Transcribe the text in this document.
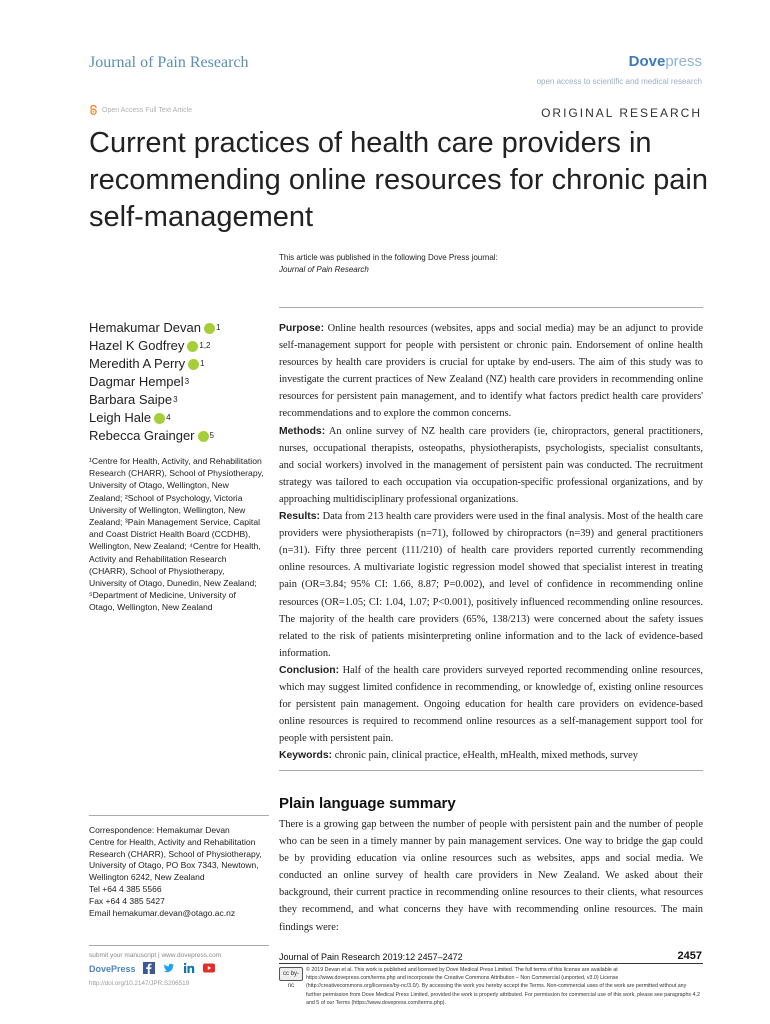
Journal of Pain Research	Dovepress
open access to scientific and medical research
Open Access Full Text Article	ORIGINAL RESEARCH
Current practices of health care providers in recommending online resources for chronic pain self-management
This article was published in the following Dove Press journal:
Journal of Pain Research
Hemakumar Devan 1
Hazel K Godfrey 1,2
Meredith A Perry 1
Dagmar Hempel 3
Barbara Saipe 3
Leigh Hale 4
Rebecca Grainger 5
¹Centre for Health, Activity, and Rehabilitation Research (CHARR), School of Physiotherapy, University of Otago, Wellington, New Zealand; ²School of Psychology, Victoria University of Wellington, Wellington, New Zealand; ³Pain Management Service, Capital and Coast District Health Board (CCDHB), Wellington, New Zealand; ⁴Centre for Health, Activity and Rehabilitation Research (CHARR), School of Physiotherapy, University of Otago, Dunedin, New Zealand; ⁵Department of Medicine, University of Otago, Wellington, New Zealand
Purpose: Online health resources (websites, apps and social media) may be an adjunct to provide self-management support for people with persistent or chronic pain. Endorsement of online health resources by health care providers is crucial for uptake by end-users. The aim of this study was to investigate the current practices of New Zealand (NZ) health care providers in recommending online resources for persistent pain management, and to identify what factors predict health care providers' recommendations and to explore the common concerns.
Methods: An online survey of NZ health care providers (ie, chiropractors, general practitioners, nurses, occupational therapists, osteopaths, physiotherapists, psychologists, specialist consultants, and social workers) involved in the management of persistent pain was conducted. The recruitment strategy was tailored to each occupation via occupation-specific professional organizations, and by approaching multidisciplinary professional organizations.
Results: Data from 213 health care providers were used in the final analysis. Most of the health care providers were physiotherapists (n=71), followed by chiropractors (n=39) and general practitioners (n=31). Fifty three percent (111/210) of health care providers reported currently recommending online resources. A multivariate logistic regression model showed that specialist interest in treating pain (OR=3.84; 95% CI: 1.66, 8.87; P=0.002), and level of confidence in recommending online resources (OR=1.05; CI: 1.04, 1.07; P<0.001), positively influenced recommending online resources. The majority of the health care providers (65%, 138/213) were concerned about the safety issues related to the risk of patients misinterpreting online information and to the lack of evidence-based information.
Conclusion: Half of the health care providers surveyed reported recommending online resources, which may suggest limited confidence in recommending, or knowledge of, existing online resources for persistent pain management. Ongoing education for health care providers on evidence-based online resources is required to recommend online resources as a self-management support tool for people with persistent pain.
Keywords: chronic pain, clinical practice, eHealth, mHealth, mixed methods, survey
Plain language summary
There is a growing gap between the number of people with persistent pain and the number of people who can be seen in a timely manner by pain management services. One way to bridge the gap could be by providing education via online resources such as websites, apps and social media. We conducted an online survey of health care providers in New Zealand. We asked about their background, their current practice in recommending online resources to their clients, what resources they recommend, and what concerns they have with recommending online resources. The main findings were:
Correspondence: Hemakumar Devan
Centre for Health, Activity and Rehabilitation Research (CHARR), School of Physiotherapy, University of Otago, PO Box 7343, Newtown, Wellington 6242, New Zealand
Tel +64 4 385 5566
Fax +64 4 385 5427
Email hemakumar.devan@otago.ac.nz
submit your manuscript | www.dovepress.com
DovePress
http://doi.org/10.2147/JPR.S206519
Journal of Pain Research 2019:12 2457–2472	2457
cc by-nc
© 2019 Devan et al. This work is published and licensed by Dove Medical Press Limited. The full terms of this license are available at https://www.dovepress.com/terms.php and incorporate the Creative Commons Attribution – Non Commercial (unported, v3.0) License (http://creativecommons.org/licenses/by-nc/3.0/). By accessing the work you hereby accept the Terms. Non-commercial uses of the work are permitted without any further permission from Dove Medical Press Limited, provided the work is properly attributed. For permission for commercial use of this work, please see paragraphs 4.2 and 5 of our Terms (https://www.dovepress.com/terms.php).
